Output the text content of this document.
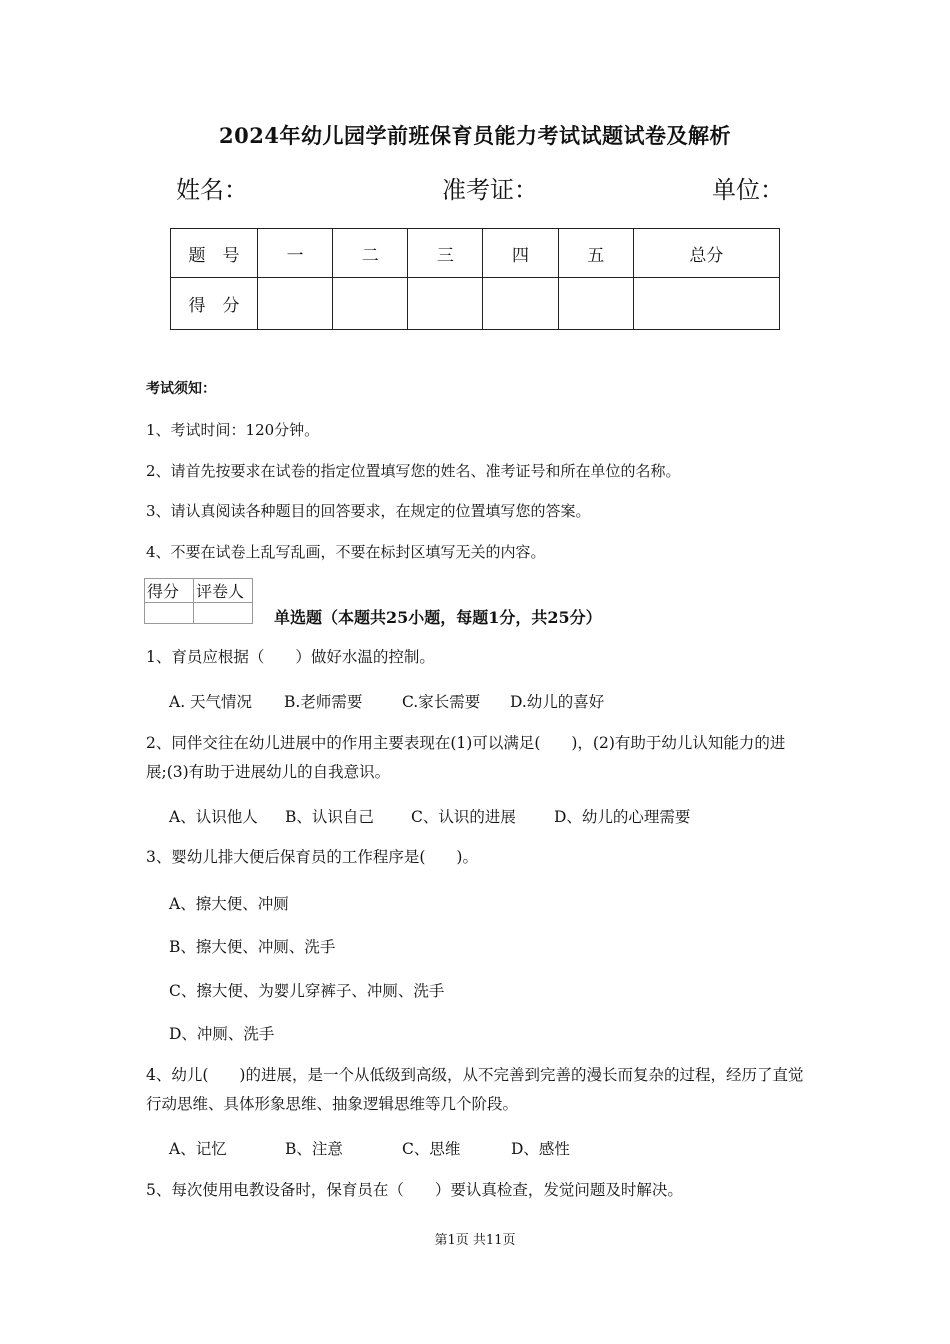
2024年幼儿园学前班保育员能力考试试题试卷及解析
姓名：	准考证：	单位：
题　号	一	二	三	四	五	总分
得　分						
考试须知：
1、考试时间：120分钟。
2、请首先按要求在试卷的指定位置填写您的姓名、准考证号和所在单位的名称。
3、请认真阅读各种题目的回答要求，在规定的位置填写您的答案。
4、不要在试卷上乱写乱画，不要在标封区填写无关的内容。
得分	评卷人

单选题（本题共25小题，每题1分，共25分）
1、育员应根据（　　）做好水温的控制。
A. 天气情况 B.老师需要	C.家长需要 D.幼儿的喜好
2、同伴交往在幼儿进展中的作用主要表现在(1)可以满足(　　)，(2)有助于幼儿认知能力的进展;(3)有助于进展幼儿的自我意识。
A、认识他人 B、认识自己 C、认识的进展 D、幼儿的心理需要
3、婴幼儿排大便后保育员的工作程序是(　　)。
A、擦大便、冲厕
B、擦大便、冲厕、洗手
C、擦大便、为婴儿穿裤子、冲厕、洗手
D、冲厕、洗手
4、幼儿(　　)的进展，是一个从低级到高级，从不完善到完善的漫长而复杂的过程，经历了直觉行动思维、具体形象思维、抽象逻辑思维等几个阶段。
A、记忆	B、注意	C、思维	D、感性
5、每次使用电教设备时，保育员在（　　）要认真检查，发觉问题及时解决。
第1页 共11页
